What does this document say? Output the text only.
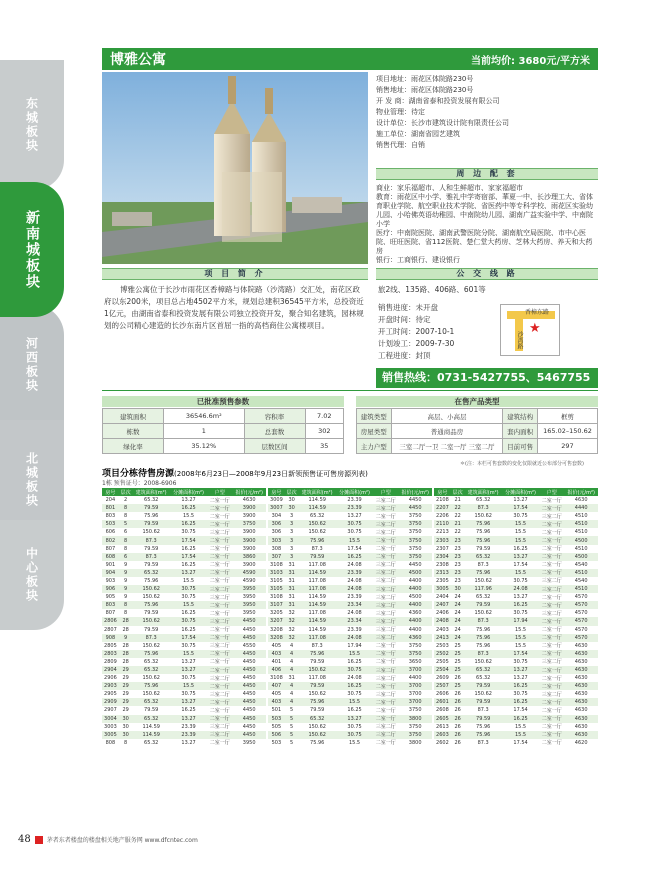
东城板块
河西板块
北城板块
中心板块
新南城板块
博雅公寓	当前均价: 3680元/平方米
项目地址：雨花区体院路230号
销售地址：雨花区体院路230号
开 发 商：湖南省泰和投资发展有限公司
物业管理：待定
设计单位：长沙市建筑设计院有限责任公司
施工单位：湖南省园艺建筑
销售代理：自销
周 边 配 套
商业：家乐福超市、人和生鲜超市、家家福超市
教育：雨花区中小学、雅礼中学寄宿部、華夏一中、长沙理工大、省体育职业学院、航空职业技术学院、省医药中等专科学校、雨花区实验幼儿园、小哈佛英语幼稚园、中南院幼儿园、湖南广益实验中学、中南院小学
医疗：中南院医院、湖南武警医院分院、湖南航空局医院、市中心医院、旺旺医院、省112医院、楚仁堂大药房、芝林大药房、养天和大药房
银行：工商银行、建设银行
项 目 简 介
博雅公寓位于长沙市雨花区香樟路与体院路（沙湾路）交汇处，南花区政府以东200米，项目总占地4502平方米，规划总建积36545平方米，总投资近1亿元，由湖南省泰和投资发展有限公司独立投资开发，聚合知名建筑，园林规划的公司精心建造的长沙东南片区首屈一指的高档商住公寓楼项目。
公 交 线 路
旅2线、135路、406路、601等
销售进度：未开盘
开盘时间：待定
开工时间：2007-10-1
计划竣工：2009-7-30
工程进度：封顶
香樟东路
沙湾路
★
销售热线：0731-5427755、5467755
已批准预售参数	在售产品类型
建筑面积	36546.6m²	容积率	7.02
栋数	1	总套数	302
绿化率	35.12%	层数区间	35
建筑类型	高层、小高层	建筑结构	框剪
房屋类型	普通商品房	套内面积	165.02–150.62
主力户型	三室二厅一卫 二室一厅 三室二厅	目前可售	297
＊(注：本栏可售套数的变化仅限就近公布部分可售套数)
项目分栋待售房源(2008年6月23日—2008年9月23日新领预售证可售房源列表)
1栋 预售证号：2008-6906
房号	层次	建筑面积(m²)	分摊面积(m²)	户型	报价(元/m²)
204	2	65.32	13.27	二室一厅	4630
801	8	79.59	16.25	二室一厅	3900
803	8	75.96	15.5	二室一厅	3900
503	5	79.59	16.25	二室一厅	3750
606	6	150.62	30.75	三室二厅	3900
802	8	87.3	17.54	二室一厅	3900
807	8	79.59	16.25	二室一厅	3900
608	6	87.3	17.54	二室一厅	3860
901	9	79.59	16.25	二室一厅	3900
904	9	65.32	13.27	二室一厅	4590
903	9	75.96	15.5	二室一厅	4590
906	9	150.62	30.75	三室二厅	3950
905	9	150.62	30.75	三室二厅	3950
803	8	75.96	15.5	二室一厅	3950
807	8	79.59	16.25	二室一厅	3950
2806	28	150.62	30.75	三室二厅	4450
2807	28	79.59	16.25	二室一厅	4450
908	9	87.3	17.54	二室一厅	4450
2805	28	150.62	30.75	三室二厅	4550
2803	28	75.96	15.5	二室一厅	4450
2809	28	65.32	13.27	二室一厅	4450
2904	29	65.32	13.27	二室一厅	4450
2906	29	150.62	30.75	三室二厅	4450
2903	29	75.96	15.5	二室一厅	4450
2905	29	150.62	30.75	三室二厅	4450
2909	29	65.32	13.27	二室一厅	4450
2907	29	79.59	16.25	二室一厅	4450
3004	30	65.32	13.27	二室一厅	4450
3003	30	114.59	23.39	三室二厅	4450
3005	30	114.59	23.39	三室二厅	4450
808	8	65.32	13.27	二室一厅	3950
房号	层次	建筑面积(m²)	分摊面积(m²)	户型	报价(元/m²)
3009	30	114.59	23.39	三室二厅	4450
3007	30	114.59	23.39	三室二厅	4450
304	3	65.32	13.27	二室一厅	3750
306	3	150.62	30.75	三室二厅	3750
306	3	150.62	30.75	三室二厅	3750
303	3	75.96	15.5	二室一厅	3750
308	3	87.3	17.54	二室一厅	3750
307	3	79.59	16.25	二室一厅	3750
3108	31	117.08	24.08	三室二厅	4450
3103	31	114.59	23.39	三室二厅	4500
3105	31	117.08	24.08	三室二厅	4400
3105	31	117.08	24.08	三室二厅	4400
3108	31	114.59	23.39	三室二厅	4500
3107	31	114.59	23.34	三室二厅	4400
3205	32	117.08	24.08	三室二厅	4360
3207	32	114.59	23.34	三室二厅	4400
3208	32	114.59	23.39	三室二厅	4400
3208	32	117.08	24.08	三室二厅	4360
405	4	87.3	17.94	二室一厅	3750
403	4	75.96	15.5	二室一厅	3750
401	4	79.59	16.25	二室一厅	3650
406	4	150.62	30.75	三室二厅	3700
3108	31	117.08	24.08	三室二厅	4400
407	4	79.59	16.25	二室一厅	3700
405	4	150.62	30.75	三室二厅	3700
403	4	75.96	15.5	二室一厅	3700
501	5	79.59	16.25	二室一厅	3750
503	5	65.32	13.27	二室一厅	3800
505	5	150.62	30.75	三室二厅	3750
506	5	150.62	30.75	三室二厅	3750
503	5	75.96	15.5	二室一厅	3800
房号	层次	建筑面积(m²)	分摊面积(m²)	户型	报价(元/m²)
2108	21	65.32	13.27	二室一厅	4630
2207	22	87.3	17.54	二室一厅	4440
2206	22	150.62	30.75	三室二厅	4510
2110	21	75.96	15.5	二室一厅	4510
2213	22	75.96	15.5	二室一厅	4510
2303	23	75.96	15.5	二室一厅	4500
2307	23	79.59	16.25	二室一厅	4510
2304	23	65.32	13.27	二室一厅	4500
2308	23	87.3	17.54	二室一厅	4540
2313	23	75.96	15.5	二室一厅	4510
2305	23	150.62	30.75	三室二厅	4540
3005	30	117.96	24.08	三室二厅	4510
2404	24	65.32	13.27	二室一厅	4570
2407	24	79.59	16.25	二室一厅	4570
2406	24	150.62	30.75	三室二厅	4570
2408	24	87.3	17.94	二室一厅	4570
2403	24	75.96	15.5	二室一厅	4570
2413	24	75.96	15.5	二室一厅	4570
2503	25	75.96	15.5	二室一厅	4630
2502	25	87.3	17.54	二室一厅	4630
2505	25	150.62	30.75	三室二厅	4630
2504	25	65.32	13.27	二室一厅	4630
2609	26	65.32	13.27	二室一厅	4630
2507	25	79.59	16.25	二室一厅	4630
2606	26	150.62	30.75	三室二厅	4630
2601	26	79.59	16.25	二室一厅	4630
2608	26	87.3	17.54	二室一厅	4630
2605	26	79.59	16.25	二室一厅	4630
2613	26	75.96	15.5	二室一厅	4630
2603	26	75.96	15.5	二室一厅	4630
2602	26	87.3	17.54	二室一厅	4620
48	茅者东者楼盘的楼盘相关地产服务网 www.dfcntec.com
